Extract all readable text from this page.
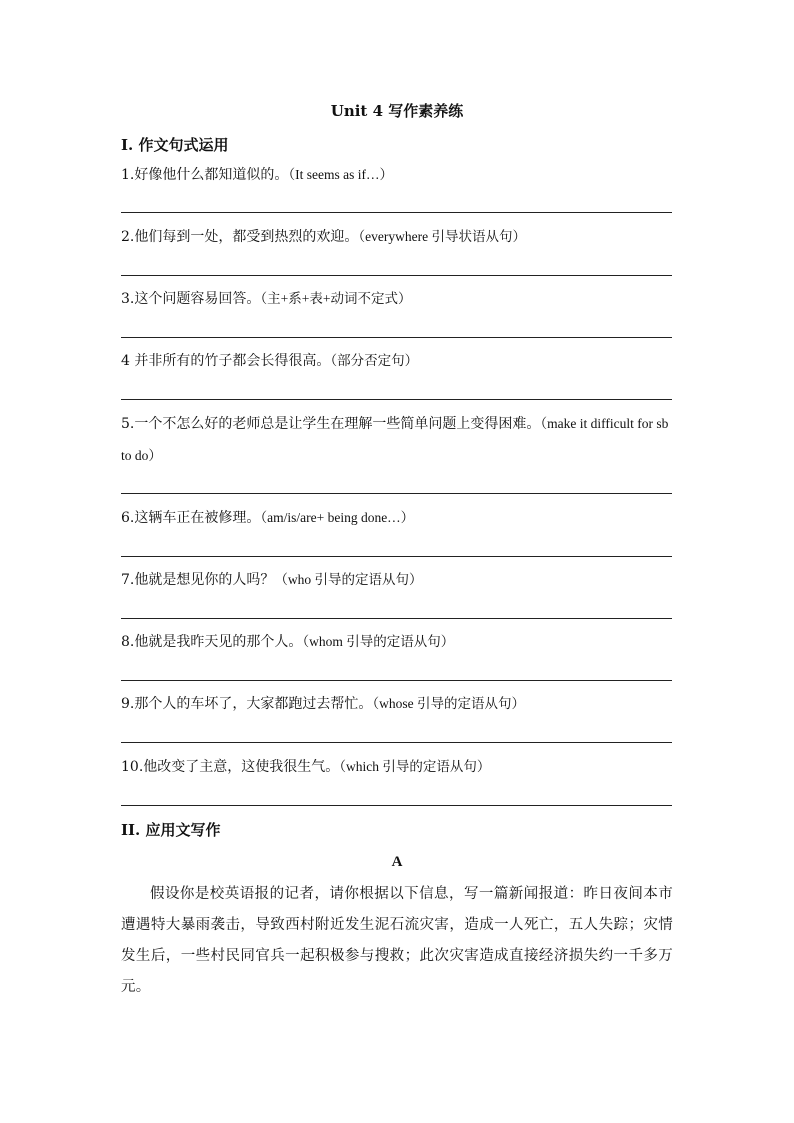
Unit 4 写作素养练
I. 作文句式运用
1.好像他什么都知道似的。（It seems as if…）
2.他们每到一处，都受到热烈的欢迎。（everywhere 引导状语从句）
3.这个问题容易回答。（主+系+表+动词不定式）
4 并非所有的竹子都会长得很高。（部分否定句）
5.一个不怎么好的老师总是让学生在理解一些简单问题上变得困难。（make it difficult for sb to do）
6.这辆车正在被修理。（am/is/are+ being done…）
7.他就是想见你的人吗？（who 引导的定语从句）
8.他就是我昨天见的那个人。（whom 引导的定语从句）
9.那个人的车坏了，大家都跑过去帮忙。（whose 引导的定语从句）
10.他改变了主意，这使我很生气。（which 引导的定语从句）
II. 应用文写作
A
假设你是校英语报的记者，请你根据以下信息，写一篇新闻报道：昨日夜间本市遭遇特大暴雨袭击，导致西村附近发生泥石流灾害，造成一人死亡，五人失踪；灾情发生后，一些村民同官兵一起积极参与搜救；此次灾害造成直接经济损失约一千多万元。
